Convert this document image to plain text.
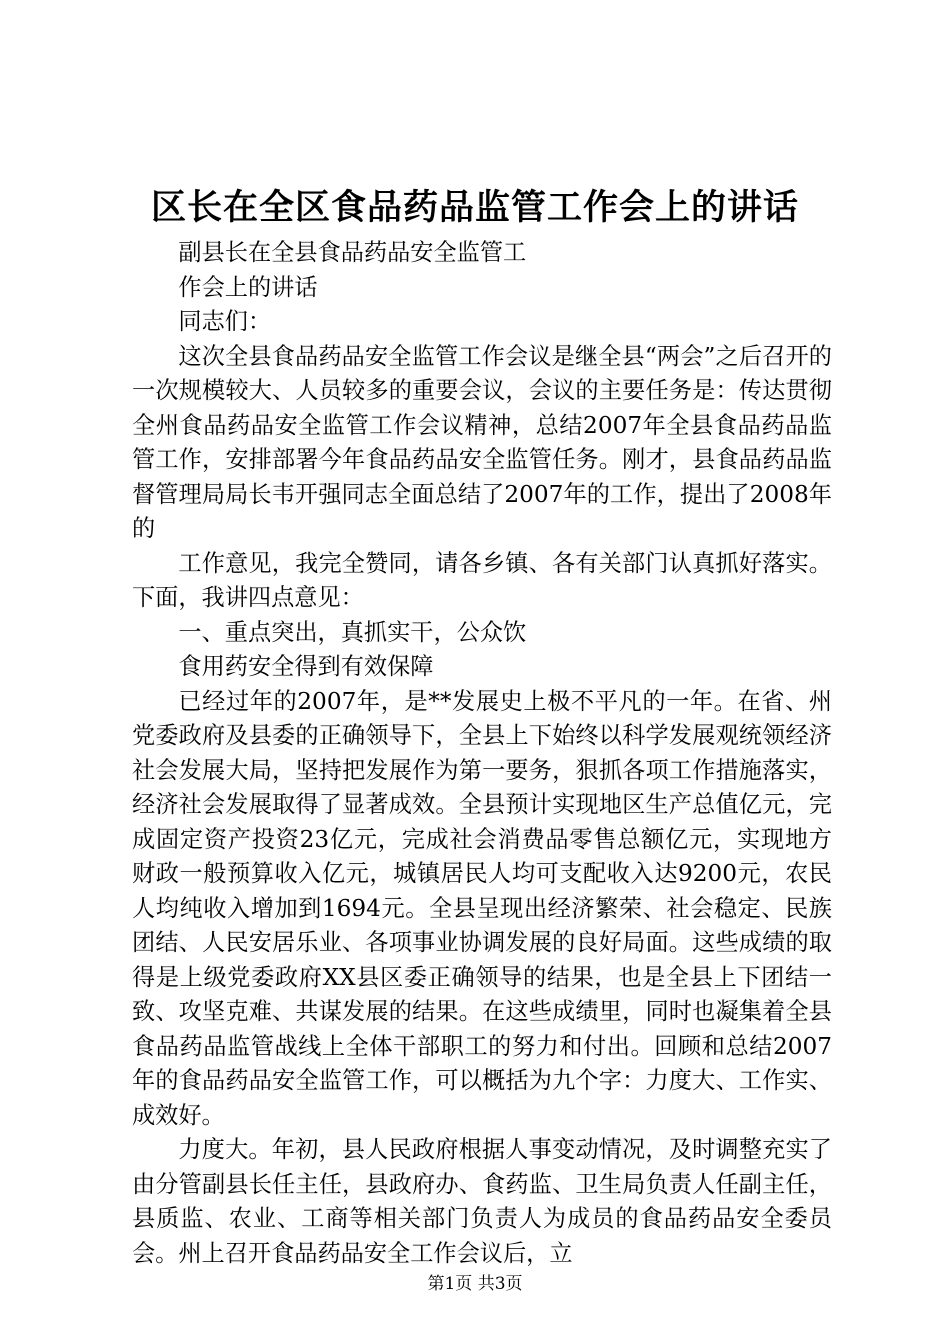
区长在全区食品药品监管工作会上的讲话

副县长在全县食品药品安全监管工

作会上的讲话

同志们：

这次全县食品药品安全监管工作会议是继全县“两会”之后召开的一次规模较大、人员较多的重要会议，会议的主要任务是：传达贯彻全州食品药品安全监管工作会议精神，总结2007年全县食品药品监管工作，安排部署今年食品药品安全监管任务。刚才，县食品药品监督管理局局长韦开强同志全面总结了2007年的工作，提出了2008年的

工作意见，我完全赞同，请各乡镇、各有关部门认真抓好落实。下面，我讲四点意见：

一、重点突出，真抓实干，公众饮

食用药安全得到有效保障

已经过年的2007年，是**发展史上极不平凡的一年。在省、州党委政府及县委的正确领导下，全县上下始终以科学发展观统领经济社会发展大局，坚持把发展作为第一要务，狠抓各项工作措施落实，经济社会发展取得了显著成效。全县预计实现地区生产总值亿元，完成固定资产投资23亿元，完成社会消费品零售总额亿元，实现地方财政一般预算收入亿元，城镇居民人均可支配收入达9200元，农民人均纯收入增加到1694元。全县呈现出经济繁荣、社会稳定、民族团结、人民安居乐业、各项事业协调发展的良好局面。这些成绩的取得是上级党委政府XX县区委正确领导的结果，也是全县上下团结一致、攻坚克难、共谋发展的结果。在这些成绩里，同时也凝集着全县食品药品监管战线上全体干部职工的努力和付出。回顾和总结2007年的食品药品安全监管工作，可以概括为九个字：力度大、工作实、成效好。

力度大。年初，县人民政府根据人事变动情况，及时调整充实了由分管副县长任主任，县政府办、食药监、卫生局负责人任副主任，县质监、农业、工商等相关部门负责人为成员的食品药品安全委员会。州上召开食品药品安全工作会议后，立

第1页 共3页
